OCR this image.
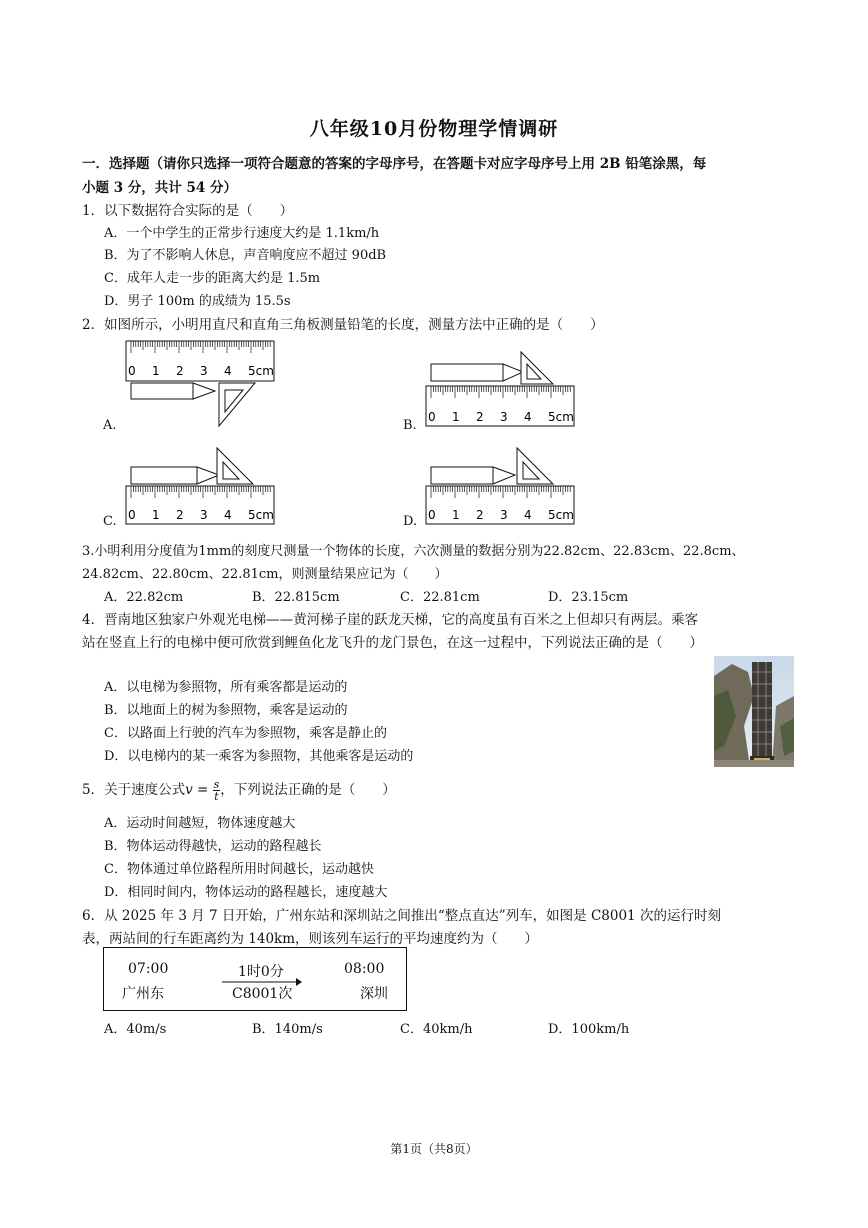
八年级10月份物理学情调研
一．选择题（请你只选择一项符合题意的答案的字母序号，在答题卡对应字母序号上用 2B 铅笔涂黑，每
小题 3 分，共计 54 分）
1．以下数据符合实际的是（　　）
A．一个中学生的正常步行速度大约是 1.1km/h
B．为了不影响人休息，声音响度应不超过 90dB
C．成年人走一步的距离大约是 1.5m
D．男子 100m 的成绩为 15.5s
2．如图所示，小明用直尺和直角三角板测量铅笔的长度，测量方法中正确的是（　　）
A.
0 1 2 3 4 5cm
B.
0 1 2 3 4 5cm
C. 0 1 2 3 4 5cm	D. 0 1 2 3 4 5cm
3.小明利用分度值为1mm的刻度尺测量一个物体的长度，六次测量的数据分别为22.82cm、22.83cm、22.8cm、
24.82cm、22.80cm、22.81cm，则测量结果应记为（　　）
A．22.82cm	B．22.815cm	C．22.81cm	D．23.15cm
4．晋南地区独家户外观光电梯——黄河梯子崖的跃龙天梯，它的高度虽有百米之上但却只有两层。乘客
站在竖直上行的电梯中便可欣赏到鲤鱼化龙飞升的龙门景色，在这一过程中，下列说法正确的是（　　）
A．以电梯为参照物，所有乘客都是运动的
B．以地面上的树为参照物，乘客是运动的
C．以路面上行驶的汽车为参照物，乘客是静止的
D．以电梯内的某一乘客为参照物，其他乘客是运动的
5．关于速度公式$v = \frac{s}{t}$ ，下列说法正确的是（　　）
A．运动时间越短，物体速度越大
B．物体运动得越快，运动的路程越长
C．物体通过单位路程所用时间越长，运动越快
D．相同时间内，物体运动的路程越长，速度越大
6．从 2025 年 3 月 7 日开始，广州东站和深圳站之间推出“整点直达”列车，如图是 C8001 次的运行时刻
表，两站间的行车距离约为 140km，则该列车运行的平均速度约为（　　）
07:00
广州东
1时0分
C8001次
08:00
深圳
A．40m/s	B．140m/s	C．40km/h	D．100km/h
第1页（共8页）
